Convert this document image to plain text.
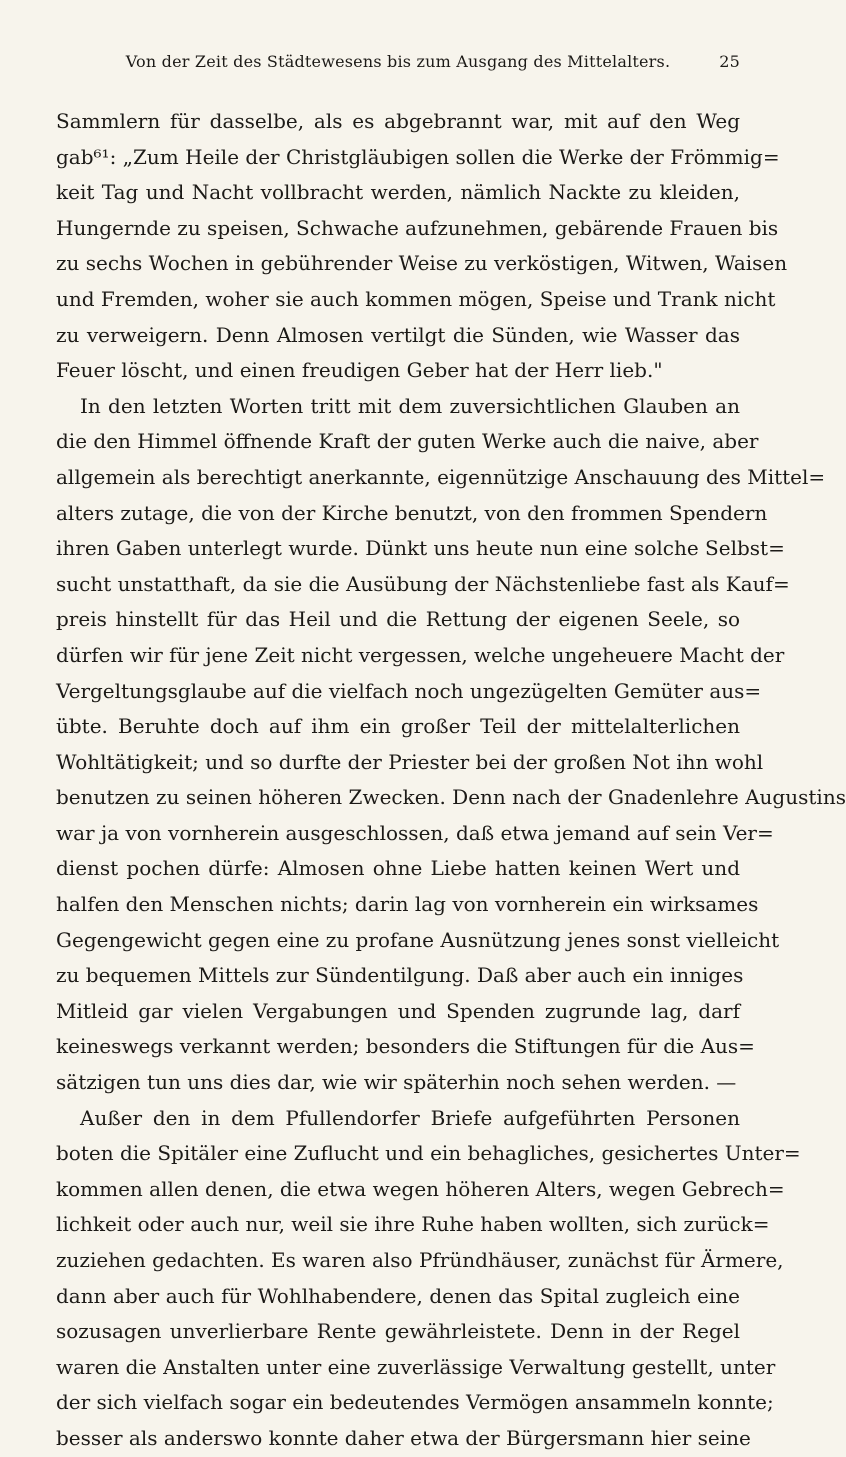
Von der Zeit des Städtewesens bis zum Ausgang des Mittelalters.	25
Sammlern für dasselbe, als es abgebrannt war, mit auf den Weg
gab⁶¹: „Zum Heile der Christgläubigen sollen die Werke der Frömmig=
keit Tag und Nacht vollbracht werden, nämlich Nackte zu kleiden,
Hungernde zu speisen, Schwache aufzunehmen, gebärende Frauen bis
zu sechs Wochen in gebührender Weise zu verköstigen, Witwen, Waisen
und Fremden, woher sie auch kommen mögen, Speise und Trank nicht
zu verweigern. Denn Almosen vertilgt die Sünden, wie Wasser das
Feuer löscht, und einen freudigen Geber hat der Herr lieb."
In den letzten Worten tritt mit dem zuversichtlichen Glauben an
die den Himmel öffnende Kraft der guten Werke auch die naive, aber
allgemein als berechtigt anerkannte, eigennützige Anschauung des Mittel=
alters zutage, die von der Kirche benutzt, von den frommen Spendern
ihren Gaben unterlegt wurde. Dünkt uns heute nun eine solche Selbst=
sucht unstatthaft, da sie die Ausübung der Nächstenliebe fast als Kauf=
preis hinstellt für das Heil und die Rettung der eigenen Seele, so
dürfen wir für jene Zeit nicht vergessen, welche ungeheuere Macht der
Vergeltungsglaube auf die vielfach noch ungezügelten Gemüter aus=
übte. Beruhte doch auf ihm ein großer Teil der mittelalterlichen
Wohltätigkeit; und so durfte der Priester bei der großen Not ihn wohl
benutzen zu seinen höheren Zwecken. Denn nach der Gnadenlehre Augustins
war ja von vornherein ausgeschlossen, daß etwa jemand auf sein Ver=
dienst pochen dürfe: Almosen ohne Liebe hatten keinen Wert und
halfen den Menschen nichts; darin lag von vornherein ein wirksames
Gegengewicht gegen eine zu profane Ausnützung jenes sonst vielleicht
zu bequemen Mittels zur Sündentilgung. Daß aber auch ein inniges
Mitleid gar vielen Vergabungen und Spenden zugrunde lag, darf
keineswegs verkannt werden; besonders die Stiftungen für die Aus=
sätzigen tun uns dies dar, wie wir späterhin noch sehen werden. —
Außer den in dem Pfullendorfer Briefe aufgeführten Personen
boten die Spitäler eine Zuflucht und ein behagliches, gesichertes Unter=
kommen allen denen, die etwa wegen höheren Alters, wegen Gebrech=
lichkeit oder auch nur, weil sie ihre Ruhe haben wollten, sich zurück=
zuziehen gedachten. Es waren also Pfründhäuser, zunächst für Ärmere,
dann aber auch für Wohlhabendere, denen das Spital zugleich eine
sozusagen unverlierbare Rente gewährleistete. Denn in der Regel
waren die Anstalten unter eine zuverlässige Verwaltung gestellt, unter
der sich vielfach sogar ein bedeutendes Vermögen ansammeln konnte;
besser als anderswo konnte daher etwa der Bürgersmann hier seine
